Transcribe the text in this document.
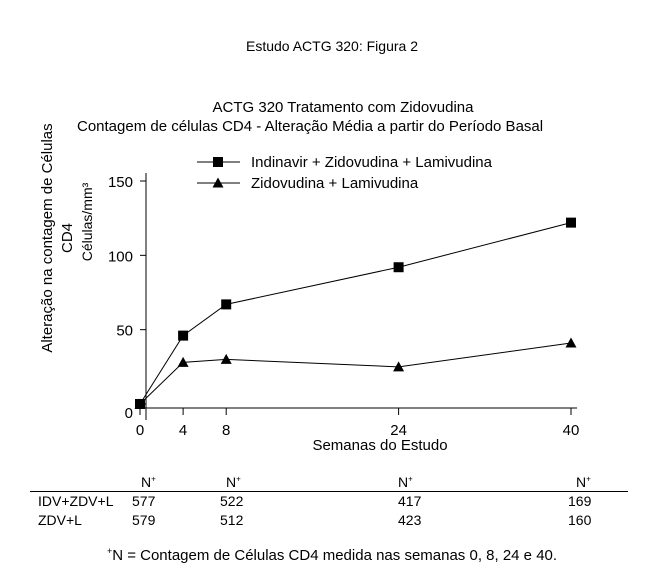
Estudo ACTG 320: Figura 2
ACTG 320 Tratamento com Zidovudina
Contagem de células CD4 - Alteração Média a partir do Período Basal
Alteração na contagem de Células CD4 Células/mm³
0
50
100
150
0 4 8	24	40
Semanas do Estudo
Indinavir + Zidovudina + Lamivudina
Zidovudina + Lamivudina
N+	N+	N+	N+
IDV+ZDV+L 577	522	417	169
ZDV+L	579	512	423	160
+N = Contagem de Células CD4 medida nas semanas 0, 8, 24 e 40.
